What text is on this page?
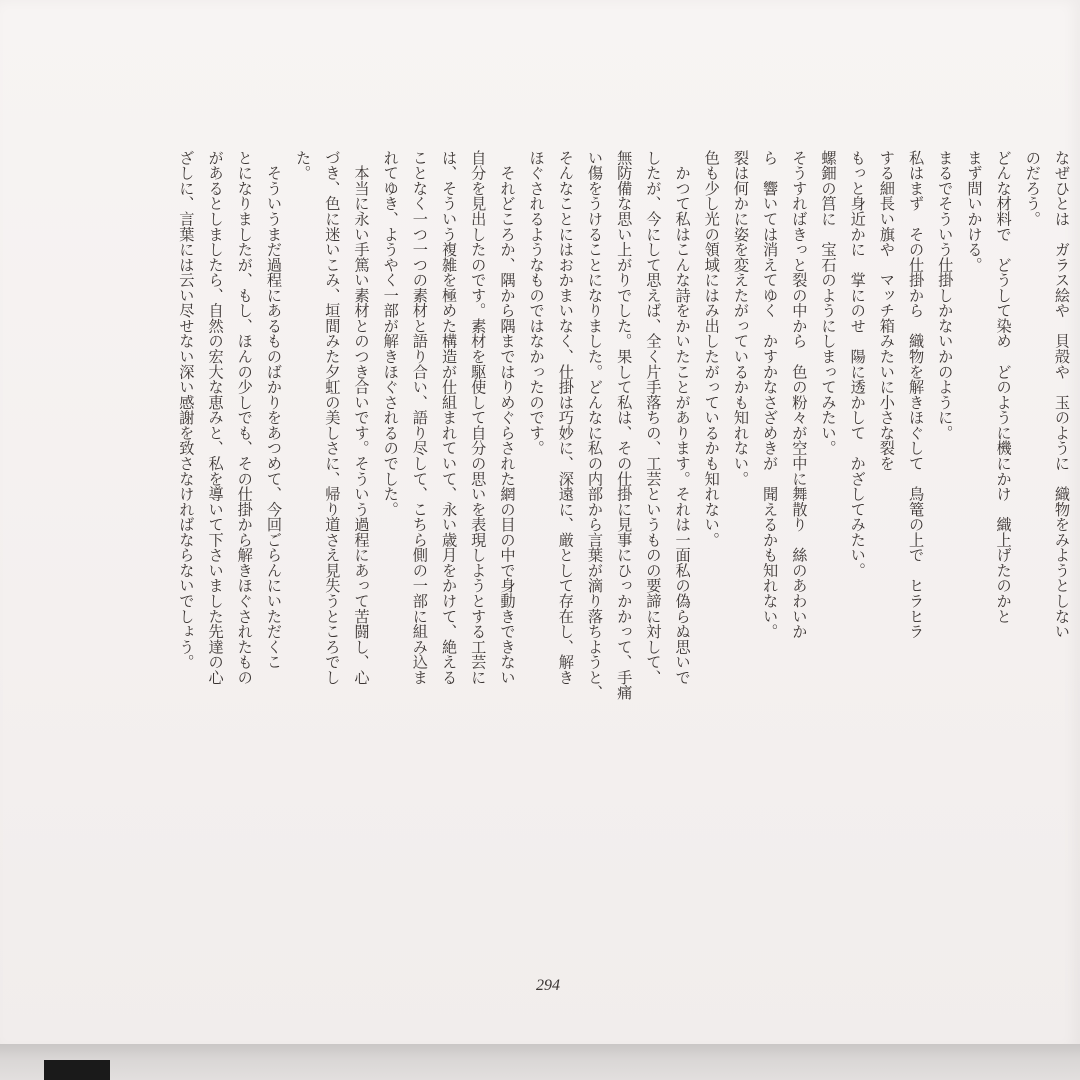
なぜひとは　ガラス絵や　貝殻や　玉のように　織物をみようとしない
のだろう。
どんな材料で　どうして染め　どのように機にかけ　織上げたのかと
まず問いかける。
まるでそういう仕掛しかないかのように。
私はまず　その仕掛から　織物を解きほぐして　鳥篭の上で　ヒラヒラ
する細長い旗や　マッチ箱みたいに小さな裂を
もっと身近かに　掌にのせ　陽に透かして　かざしてみたい。
螺鈿の筥に　宝石のようにしまってみたい。
そうすればきっと裂の中から　色の粉々が空中に舞散り　絲のあわいか
ら　響いては消えてゆく　かすかなさざめきが　聞えるかも知れない。
裂は何かに姿を変えたがっているかも知れない。
色も少し光の領域にはみ出したがっているかも知れない。
　かつて私はこんな詩をかいたことがあります。それは一面私の偽らぬ思いで
したが、今にして思えば、全く片手落ちの、工芸というものの要諦に対して、
無防備な思い上がりでした。果して私は、その仕掛に見事にひっかかって、手痛
い傷をうけることになりました。どんなに私の内部から言葉が滴り落ちようと、
そんなことにはおかまいなく、仕掛は巧妙に、深遠に、厳として存在し、解き
ほぐされるようなものではなかったのです。
　それどころか、隅から隅まではりめぐらされた網の目の中で身動きできない
自分を見出したのです。素材を駆使して自分の思いを表現しようとする工芸に
は、そういう複雑を極めた構造が仕組まれていて、永い歳月をかけて、絶える
ことなく一つ一つの素材と語り合い、語り尽して、こちら側の一部に組み込ま
れてゆき、ようやく一部が解きほぐされるのでした。
　本当に永い手篤い素材とのつき合いです。そういう過程にあって苦闘し、心
づき、色に迷いこみ、垣間みた夕虹の美しさに、帰り道さえ見失うところでし
た。
　そういうまだ過程にあるものばかりをあつめて、今回ごらんにいただくこ
とになりましたが、もし、ほんの少しでも、その仕掛から解きほぐされたもの
があるとしましたら、自然の宏大な恵みと、私を導いて下さいました先達の心
ざしに、言葉には云い尽せない深い感謝を致さなければならないでしょう。
294
